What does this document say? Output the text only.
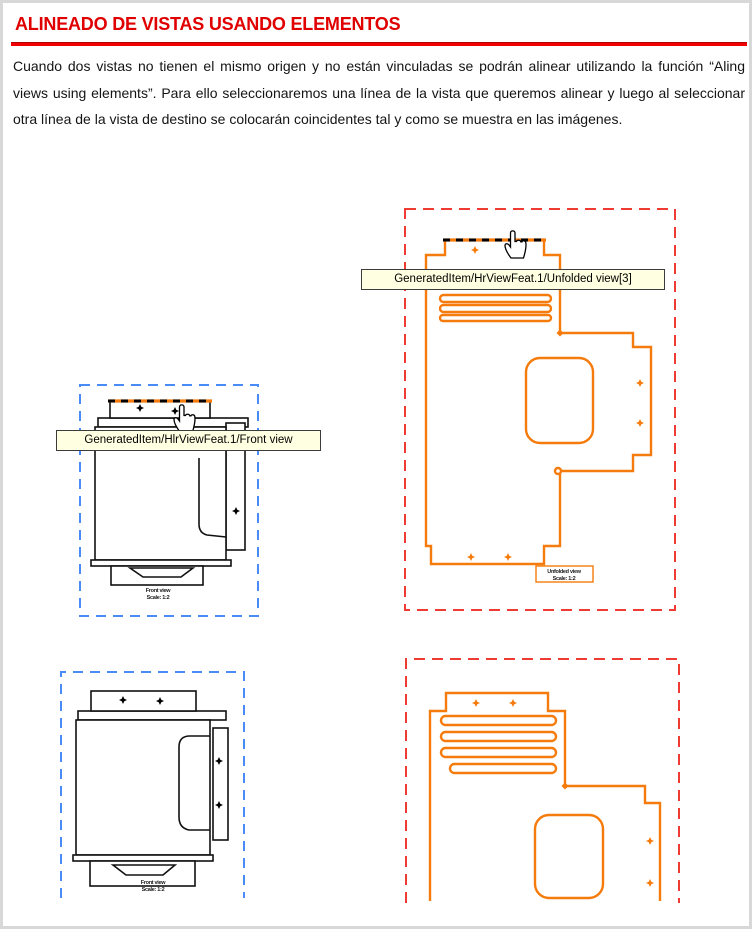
ALINEADO DE VISTAS USANDO ELEMENTOS

Cuando dos vistas no tienen el mismo origen y no están vinculadas se podrán alinear utilizando la función “Aling views using elements”. Para ello seleccionaremos una línea de la vista que queremos alinear y luego al seleccionar otra línea de la vista de destino se colocarán coincidentes tal y como se muestra en las imágenes.

Unfolded view
Scale: 1:2
Front view
Scale: 1:2
Front view
Scale: 1:2
GeneratedItem/HrViewFeat.1/Unfolded view[3]
GeneratedItem/HlrViewFeat.1/Front view
